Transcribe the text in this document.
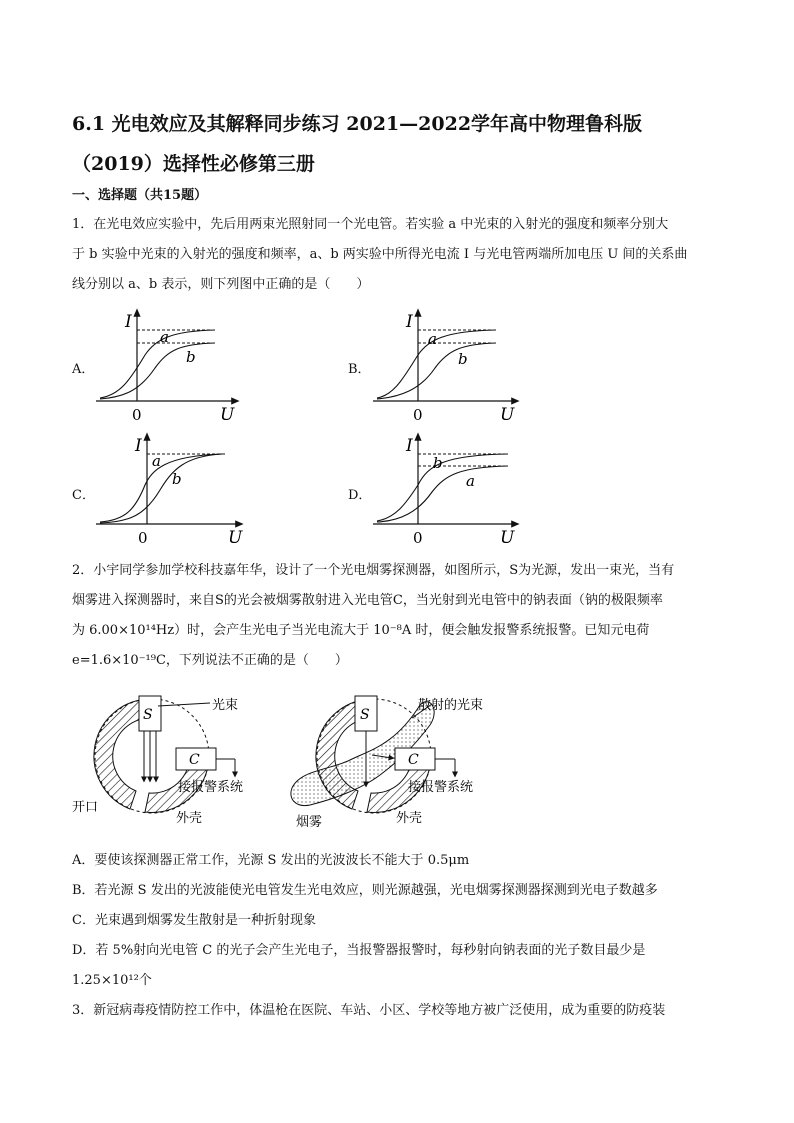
6.1 光电效应及其解释同步练习 2021—2022学年高中物理鲁科版
（2019）选择性必修第三册
一、选择题（共15题）
1．在光电效应实验中，先后用两束光照射同一个光电管。若实验 a 中光束的入射光的强度和频率分别大
于 b 实验中光束的入射光的强度和频率，a、b 两实验中所得光电流 I 与光电管两端所加电压 U 间的关系曲
线分别以 a、b 表示，则下列图中正确的是（　　）
A．	B．
C．	D．
I
U
0
a
b
I
U
0
a
b
I
U
0
a
b
I
U
0
b
a
2．小宇同学参加学校科技嘉年华，设计了一个光电烟雾探测器，如图所示，S为光源，发出一束光，当有
烟雾进入探测器时，来自S的光会被烟雾散射进入光电管C，当光射到光电管中的钠表面（钠的极限频率
为 6.00×10¹⁴Hz）时，会产生光电子当光电流大于 10⁻⁸A 时，便会触发报警系统报警。已知元电荷
e=1.6×10⁻¹⁹C，下列说法不正确的是（　　）
S
C
光束
接报警系统
开口
外壳
S
C
散射的光束
接报警系统
烟雾	外壳
A．要使该探测器正常工作，光源 S 发出的光波波长不能大于 0.5μm
B．若光源 S 发出的光波能使光电管发生光电效应，则光源越强，光电烟雾探测器探测到光电子数越多
C．光束遇到烟雾发生散射是一种折射现象
D．若 5%射向光电管 C 的光子会产生光电子，当报警器报警时，每秒射向钠表面的光子数目最少是
1.25×10¹²个
3．新冠病毒疫情防控工作中，体温枪在医院、车站、小区、学校等地方被广泛使用，成为重要的防疫装
